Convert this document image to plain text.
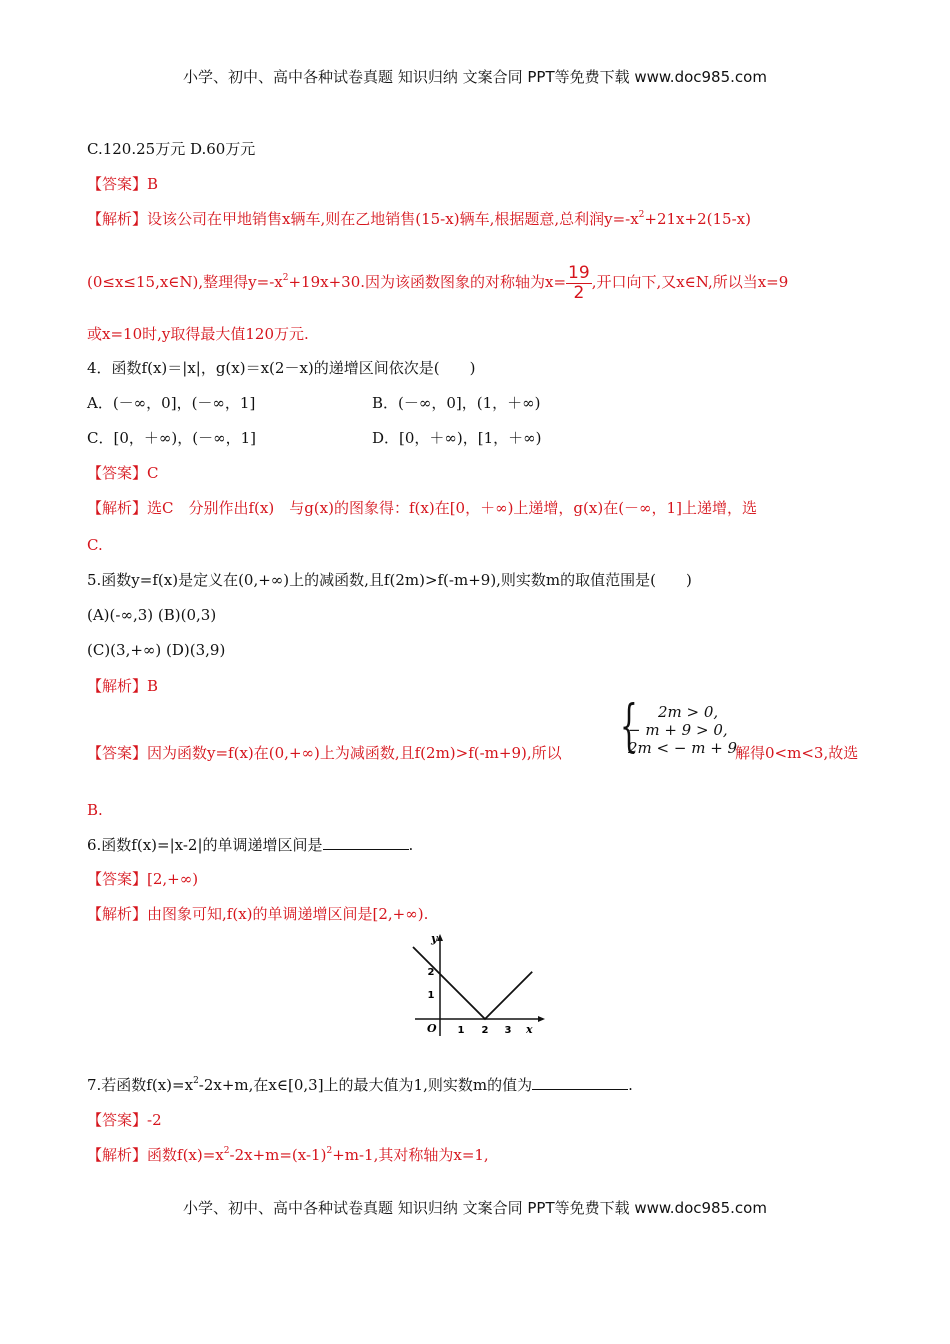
小学、初中、高中各种试卷真题 知识归纳 文案合同 PPT等免费下载 www.doc985.com
C.120.25万元 D.60万元
【答案】B
【解析】设该公司在甲地销售x辆车,则在乙地销售(15-x)辆车,根据题意,总利润$y=-x^2+21x+2(15-x)$
(0≤x≤15,x∈N),整理得$y=-x^2+19x+30$.因为该函数图象的对称轴为$x= \frac{19}{2}$ ,开口向下,又x∈N,所以当x=9
或x=10时,y取得最大值120万元.
4．函数f(x)＝|x|，g(x)＝x(2－x)的递增区间依次是(　　)
A．(－∞，0]，(－∞，1]	B．(－∞，0]，(1，＋∞)
C．[0，＋∞)，(－∞，1]	D．[0，＋∞)，[1，＋∞)
【答案】C
【解析】选C　分别作出f(x)　与g(x)的图象得：f(x)在[0，＋∞)上递增，g(x)在(－∞，1]上递增，选
C.
5.函数y=f(x)是定义在(0,+∞)上的减函数,且f(2m)>f(-m+9),则实数m的取值范围是(　　)
(A)(-∞,3) (B)(0,3)
(C)(3,+∞) (D)(3,9)
【解析】B
【答案】因为函数y=f(x)在(0,+∞)上为减函数,且f(2m)>f(-m+9),所以 { 2m > 0,
− m + 9 > 0,
2m < − m + 9.
解得0<m<3,故选
B.
6.函数f(x)=|x-2|的单调递增区间是	.
【答案】[2,+∞)
【解析】由图象可知,f(x)的单调递增区间是[2,+∞).
y
x
O 1 2 3
1
2
7.若函数$f(x)=x^2-2x+m$,在x∈[0,3]上的最大值为1,则实数m的值为	.
【答案】-2
【解析】函数$f(x)=x^2-2x+m=(x-1)^2+m-1$,其对称轴为x=1,
小学、初中、高中各种试卷真题 知识归纳 文案合同 PPT等免费下载 www.doc985.com
